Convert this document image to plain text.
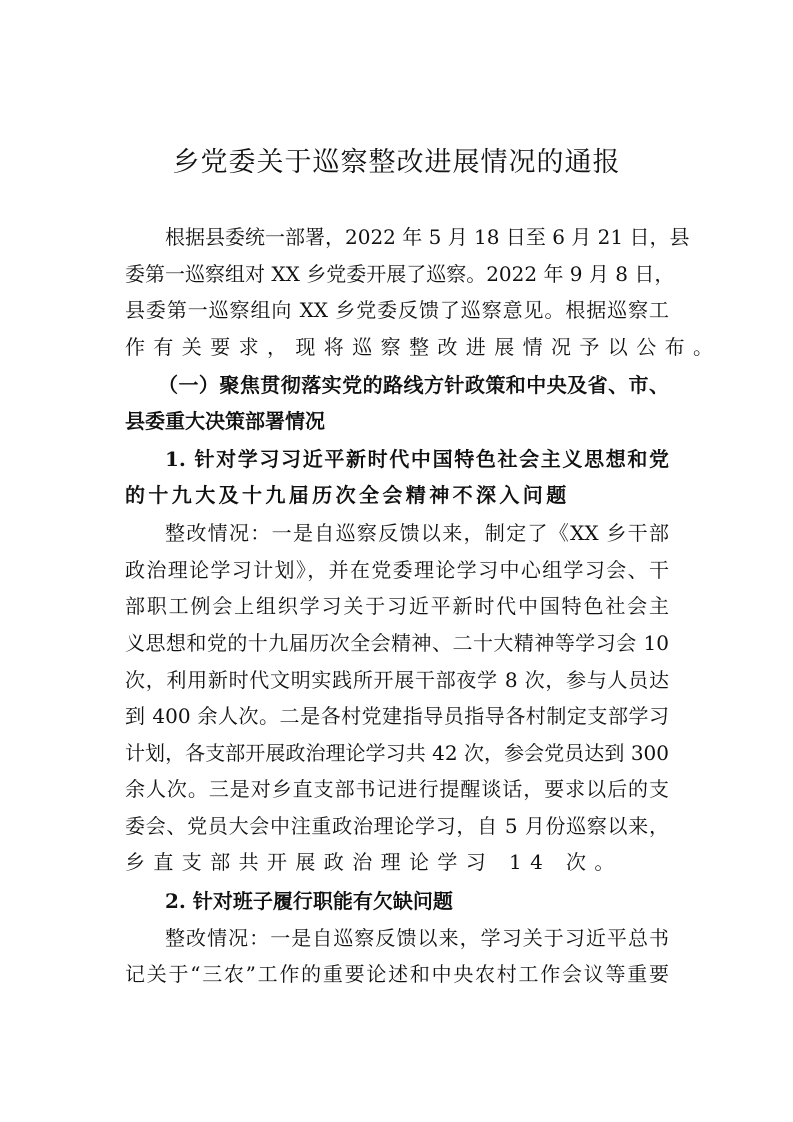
乡党委关于巡察整改进展情况的通报
根据县委统一部署，2022 年 5 月 18 日至 6 月 21 日，县
委第一巡察组对 XX 乡党委开展了巡察。2022 年 9 月 8 日，
县委第一巡察组向 XX 乡党委反馈了巡察意见。根据巡察工
作有关要求，现将巡察整改进展情况予以公布。
（一）聚焦贯彻落实党的路线方针政策和中央及省、市、
县委重大决策部署情况
1. 针对学习习近平新时代中国特色社会主义思想和党
的十九大及十九届历次全会精神不深入问题
整改情况：一是自巡察反馈以来，制定了《XX 乡干部
政治理论学习计划》，并在党委理论学习中心组学习会、干
部职工例会上组织学习关于习近平新时代中国特色社会主
义思想和党的十九届历次全会精神、二十大精神等学习会 10
次，利用新时代文明实践所开展干部夜学 8 次，参与人员达
到 400 余人次。二是各村党建指导员指导各村制定支部学习
计划，各支部开展政治理论学习共 42 次，参会党员达到 300
余人次。三是对乡直支部书记进行提醒谈话，要求以后的支
委会、党员大会中注重政治理论学习，自 5 月份巡察以来，
乡直支部共开展政治理论学习 14 次。
2. 针对班子履行职能有欠缺问题
整改情况：一是自巡察反馈以来，学习关于习近平总书
记关于“三农”工作的重要论述和中央农村工作会议等重要
